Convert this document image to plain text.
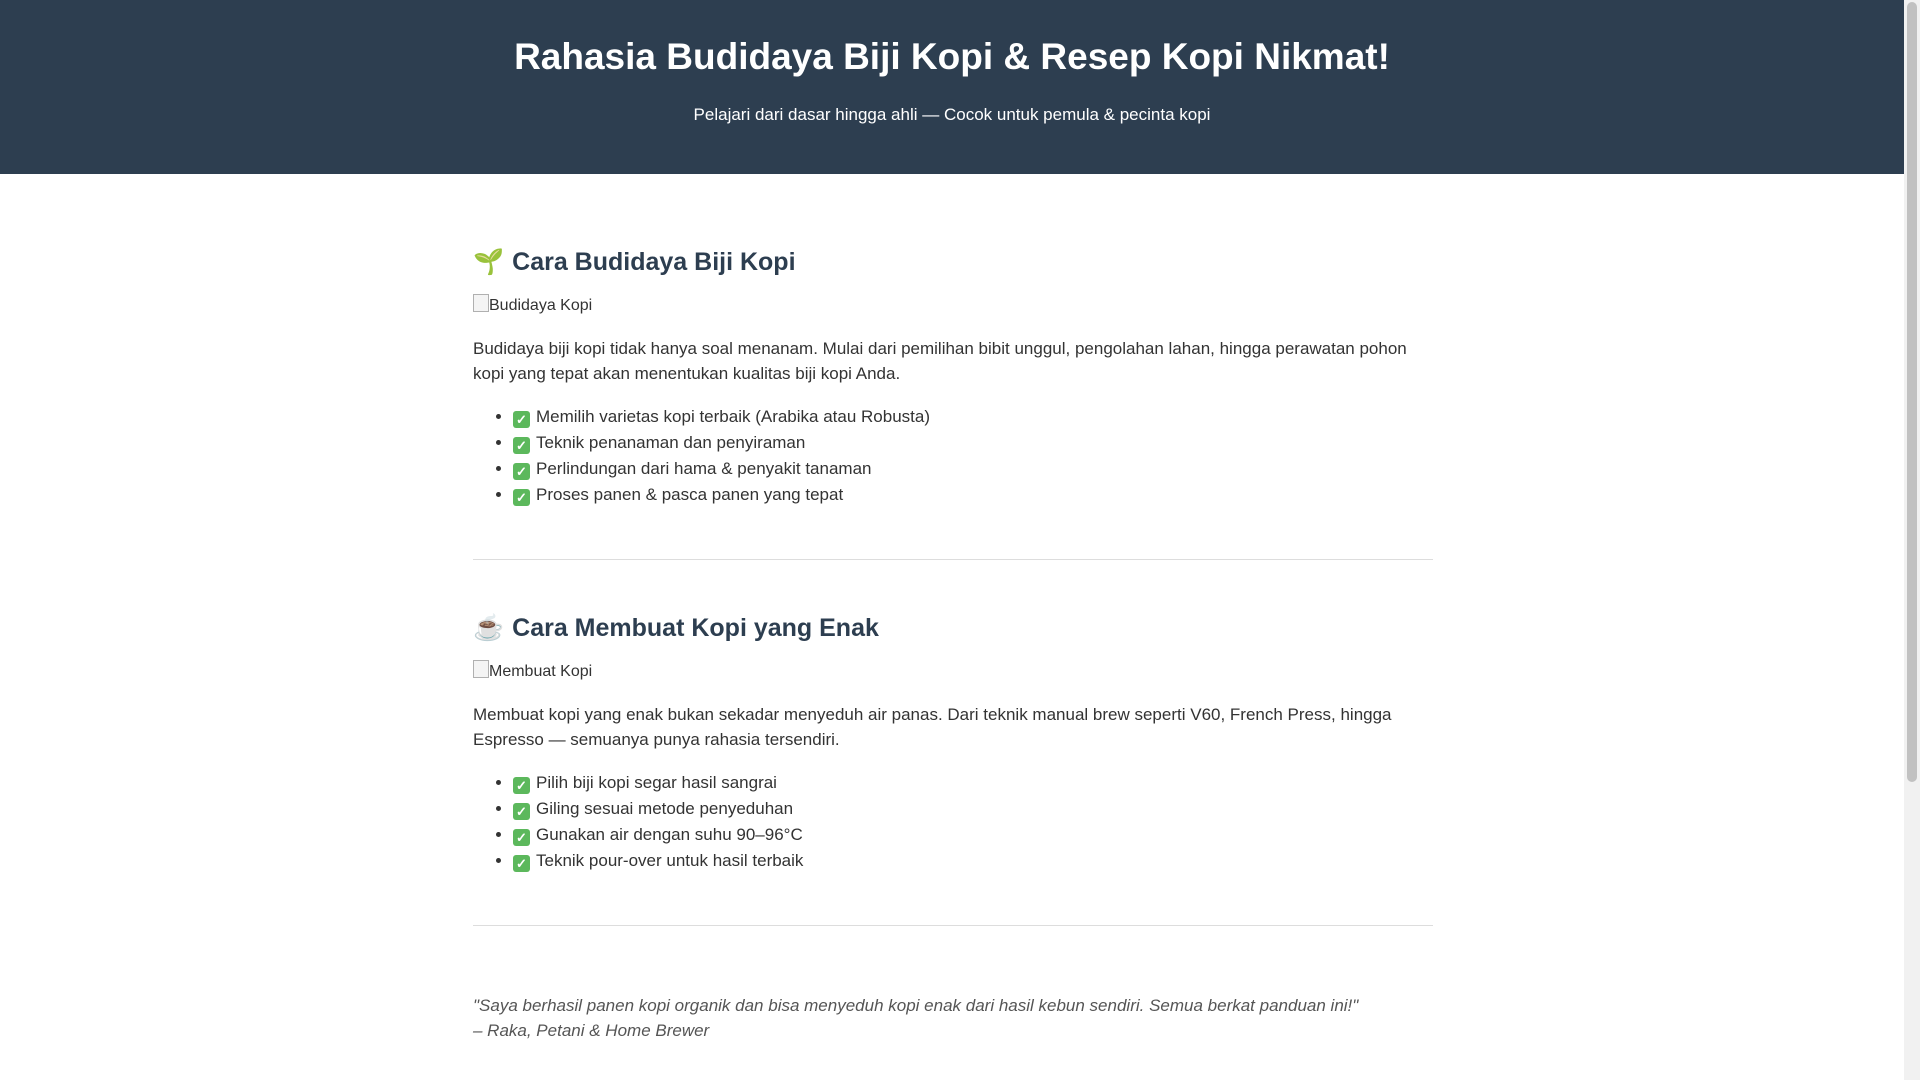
Rahasia Budidaya Biji Kopi & Resep Kopi Nikmat!

Pelajari dari dasar hingga ahli — Cocok untuk pemula & pecinta kopi

🌱 Cara Budidaya Biji Kopi
Budidaya Kopi

Budidaya biji kopi tidak hanya soal menanam. Mulai dari pemilihan bibit unggul, pengolahan lahan, hingga perawatan pohon kopi yang tepat akan menentukan kualitas biji kopi Anda.

• ✓ Memilih varietas kopi terbaik (Arabika atau Robusta)
• ✓ Teknik penanaman dan penyiraman
• ✓ Perlindungan dari hama & penyakit tanaman
• ✓ Proses panen & pasca panen yang tepat
☕ Cara Membuat Kopi yang Enak
Membuat Kopi

Membuat kopi yang enak bukan sekadar menyeduh air panas. Dari teknik manual brew seperti V60, French Press, hingga Espresso — semuanya punya rahasia tersendiri.

• ✓ Pilih biji kopi segar hasil sangrai
• ✓ Giling sesuai metode penyeduhan
• ✓ Gunakan air dengan suhu 90–96°C
• ✓ Teknik pour-over untuk hasil terbaik
"Saya berhasil panen kopi organik dan bisa menyeduh kopi enak dari hasil kebun sendiri. Semua berkat panduan ini!"
– Raka, Petani & Home Brewer
